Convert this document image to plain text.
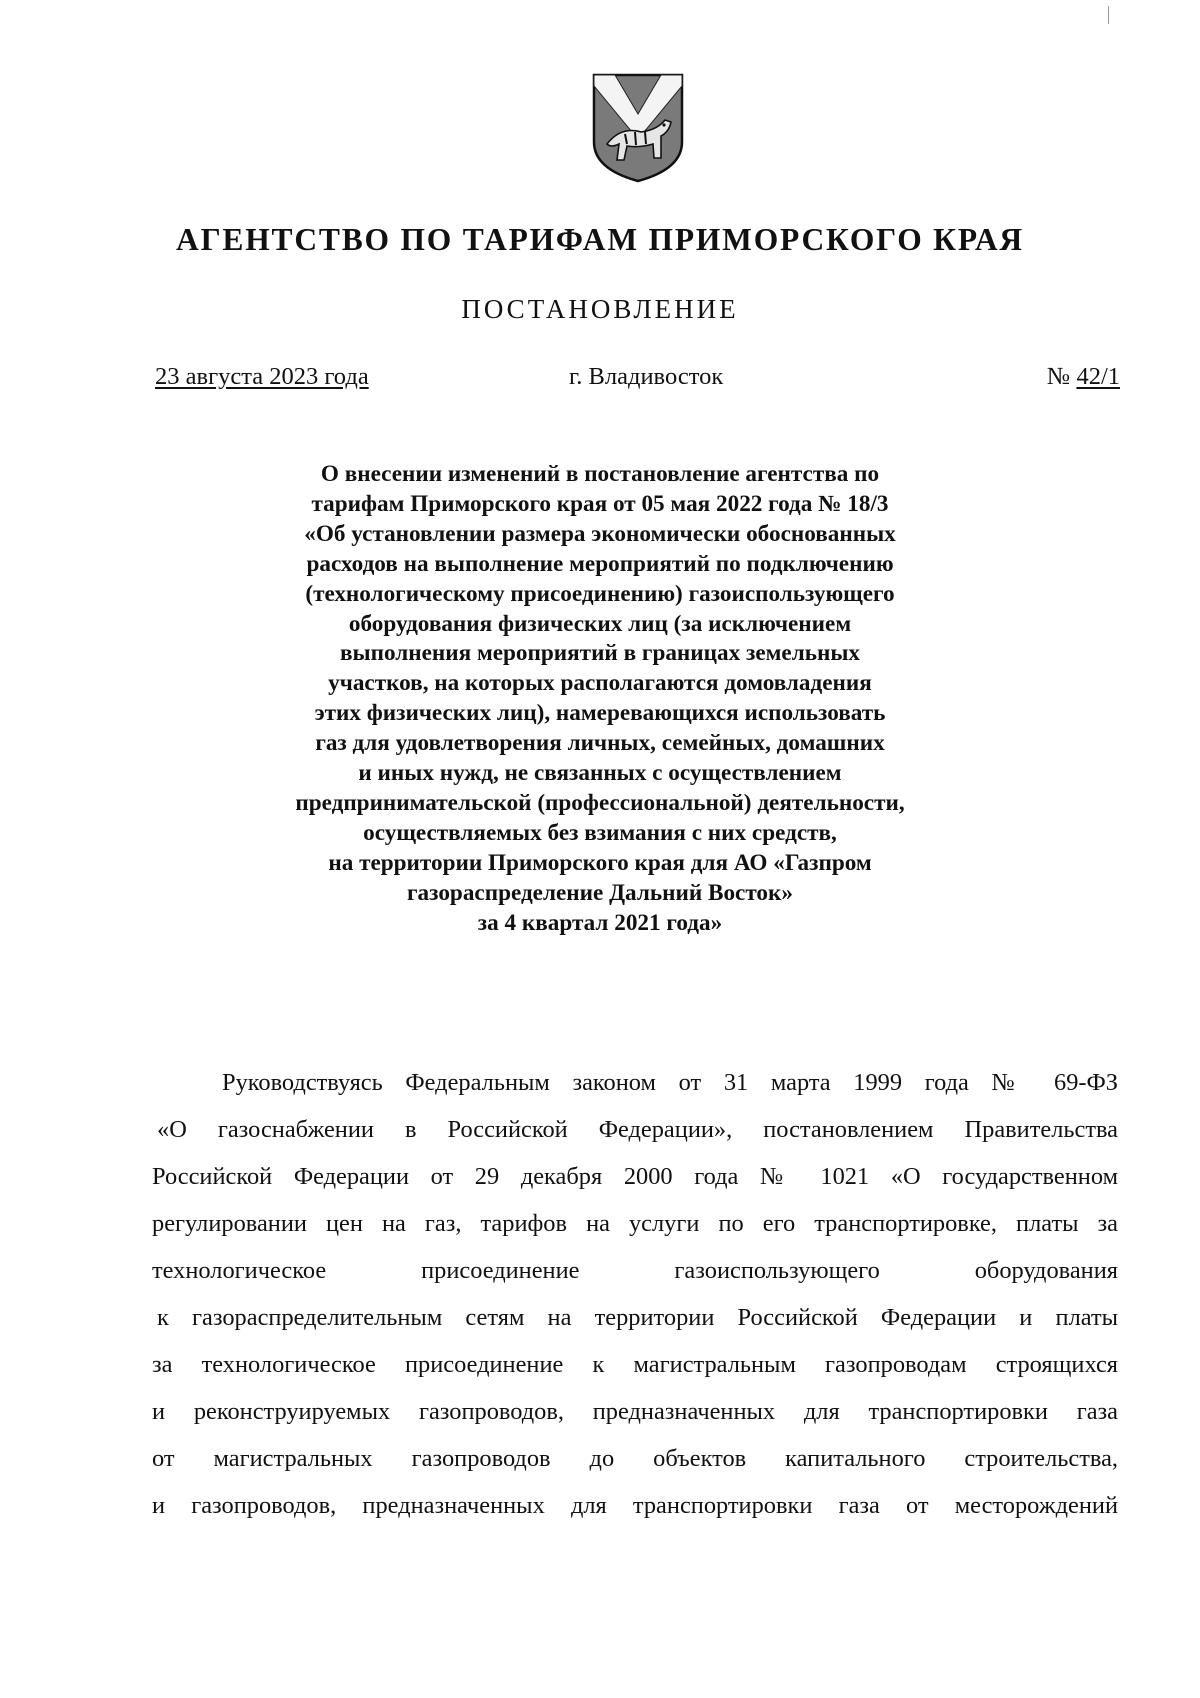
АГЕНТСТВО ПО ТАРИФАМ ПРИМОРСКОГО КРАЯ
ПОСТАНОВЛЕНИЕ
23 августа 2023 года	г. Владивосток	№ 42/1
О внесении изменений в постановление агентства по
тарифам Приморского края от 05 мая 2022 года № 18/3
«Об установлении размера экономически обоснованных
расходов на выполнение мероприятий по подключению
(технологическому присоединению) газоиспользующего
оборудования физических лиц (за исключением
выполнения мероприятий в границах земельных
участков, на которых располагаются домовладения
этих физических лиц), намеревающихся использовать
газ для удовлетворения личных, семейных, домашних
и иных нужд, не связанных с осуществлением
предпринимательской (профессиональной) деятельности,
осуществляемых без взимания с них средств,
на территории Приморского края для АО «Газпром
газораспределение Дальний Восток»
за 4 квартал 2021 года»
Руководствуясь Федеральным законом от 31 марта 1999 года № 69-ФЗ
«О газоснабжении в Российской Федерации», постановлением Правительства
Российской Федерации от 29 декабря 2000 года № 1021 «О государственном
регулировании цен на газ, тарифов на услуги по его транспортировке, платы за
технологическое присоединение газоиспользующего оборудования
к газораспределительным сетям на территории Российской Федерации и платы
за технологическое присоединение к магистральным газопроводам строящихся
и реконструируемых газопроводов, предназначенных для транспортировки газа
от магистральных газопроводов до объектов капитального строительства,
и газопроводов, предназначенных для транспортировки газа от месторождений
